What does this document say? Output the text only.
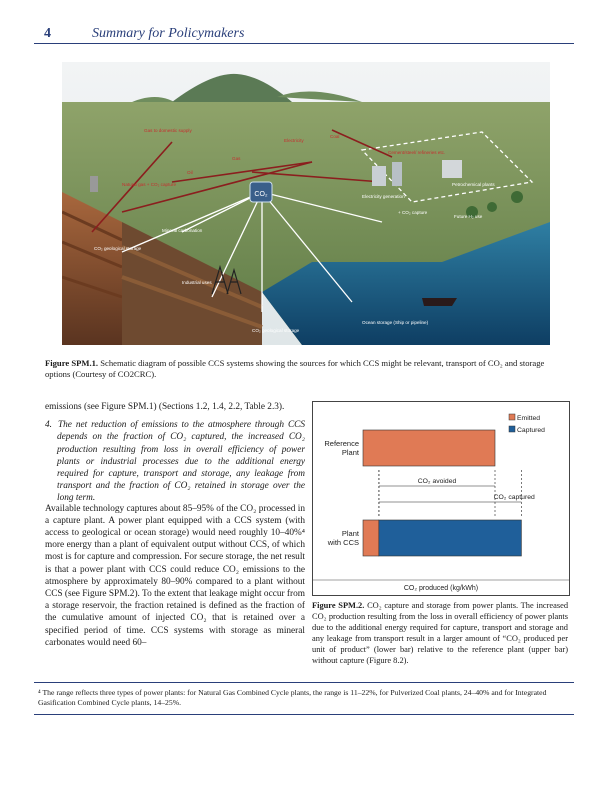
4	Summary for Policymakers
CO₂
Gas to domestic supply
Natural gas + CO₂ capture
Gas
Oil
Electricity
Coal
Cement/steel/ refineries etc.
Electricity generation
Petrochemical plants
+ CO₂ capture
Future H₂ use
Mineral carbonation
Industrial uses
CO₂ geological storage
CO₂ geological storage
Ocean storage (Ship or pipeline)
Figure SPM.1. Schematic diagram of possible CCS systems showing the sources for which CCS might be relevant, transport of CO₂ and storage options (Courtesy of CO2CRC).

emissions (see Figure SPM.1) (Sections 1.2, 1.4, 2.2, Table 2.3).

4. The net reduction of emissions to the atmosphere through CCS depends on the fraction of CO₂ captured, the increased CO₂ production resulting from loss in overall efficiency of power plants or industrial processes due to the additional energy required for capture, transport and storage, any leakage from transport and the fraction of CO₂ retained in storage over the long term.

Available technology captures about 85–95% of the CO₂ processed in a capture plant. A power plant equipped with a CCS system (with access to geological or ocean storage) would need roughly 10–40%⁴ more energy than a plant of equivalent output without CCS, of which most is for capture and compression. For secure storage, the net result is that a power plant with CCS could reduce CO₂ emissions to the atmosphere by approximately 80–90% compared to a plant without CCS (see Figure SPM.2). To the extent that leakage might occur from a storage reservoir, the fraction retained is defined as the fraction of the cumulative amount of injected CO₂ that is retained over a specified period of time. CCS systems with storage as mineral carbonates would need 60–

Reference
Plant
Plant
with CCS
Emitted
Captured
CO₂ avoided
CO₂ captured
CO₂ produced (kg/kWh)
Figure SPM.2. CO₂ capture and storage from power plants. The increased CO₂ production resulting from the loss in overall efficiency of power plants due to the additional energy required for capture, transport and storage and any leakage from transport result in a larger amount of “CO₂ produced per unit of product” (lower bar) relative to the reference plant (upper bar) without capture (Figure 8.2).
⁴ The range reflects three types of power plants: for Natural Gas Combined Cycle plants, the range is 11–22%, for Pulverized Coal plants, 24–40% and for Integrated Gasification Combined Cycle plants, 14–25%.
